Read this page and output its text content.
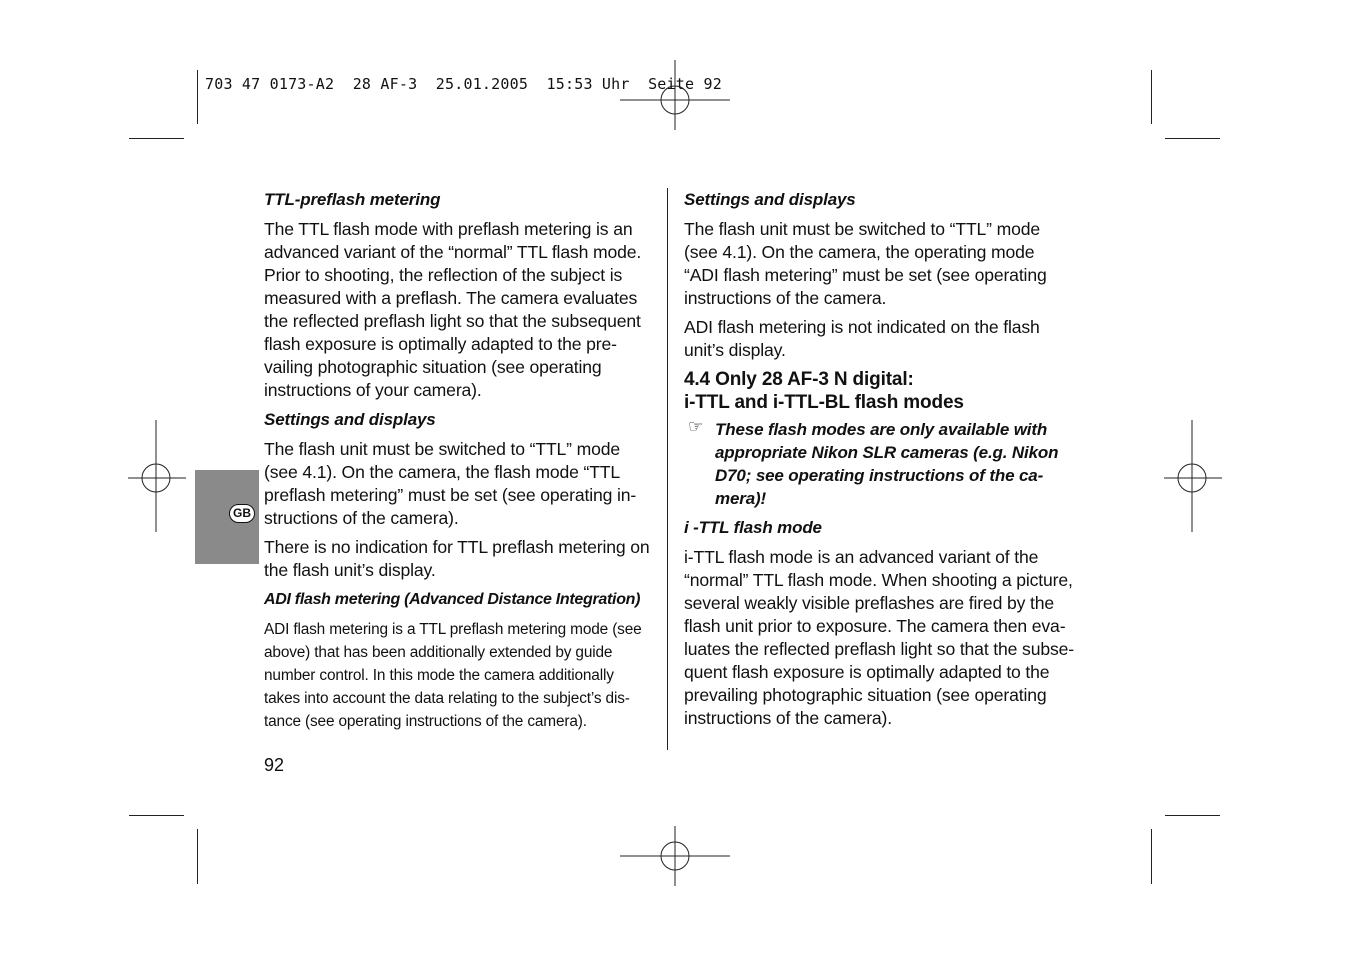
703 47 0173-A2  28 AF-3  25.01.2005  15:53 Uhr  Seite 92
GB
TTL-preflash metering

The TTL flash mode with preflash metering is an
advanced variant of the “normal” TTL flash mode.
Prior to shooting, the reflection of the subject is
measured with a preflash. The camera evaluates
the reflected preflash light so that the subsequent
flash exposure is optimally adapted to the pre-
vailing photographic situation (see operating
instructions of your camera).

Settings and displays

The flash unit must be switched to “TTL” mode
(see 4.1). On the camera, the flash mode “TTL
preflash metering” must be set (see operating in-
structions of the camera).

There is no indication for TTL preflash metering on
the flash unit’s display.

ADI flash metering (Advanced Distance Integration)

ADI flash metering is a TTL preflash metering mode (see
above) that has been additionally extended by guide
number control. In this mode the camera additionally
takes into account the data relating to the subject’s dis-
tance (see operating instructions of the camera).

Settings and displays

The flash unit must be switched to “TTL” mode
(see 4.1). On the camera, the operating mode
“ADI flash metering” must be set (see operating
instructions of the camera.

ADI flash metering is not indicated on the flash
unit’s display.

4.4 Only 28 AF-3 N digital:
i-TTL and i-TTL-BL flash modes
☞ These flash modes are only available with
appropriate Nikon SLR cameras (e.g. Nikon
D70; see operating instructions of the ca-
mera)!
i -TTL flash mode

i-TTL flash mode is an advanced variant of the
“normal” TTL flash mode. When shooting a picture,
several weakly visible preflashes are fired by the
flash unit prior to exposure. The camera then eva-
luates the reflected preflash light so that the subse-
quent flash exposure is optimally adapted to the
prevailing photographic situation (see operating
instructions of the camera).

92
